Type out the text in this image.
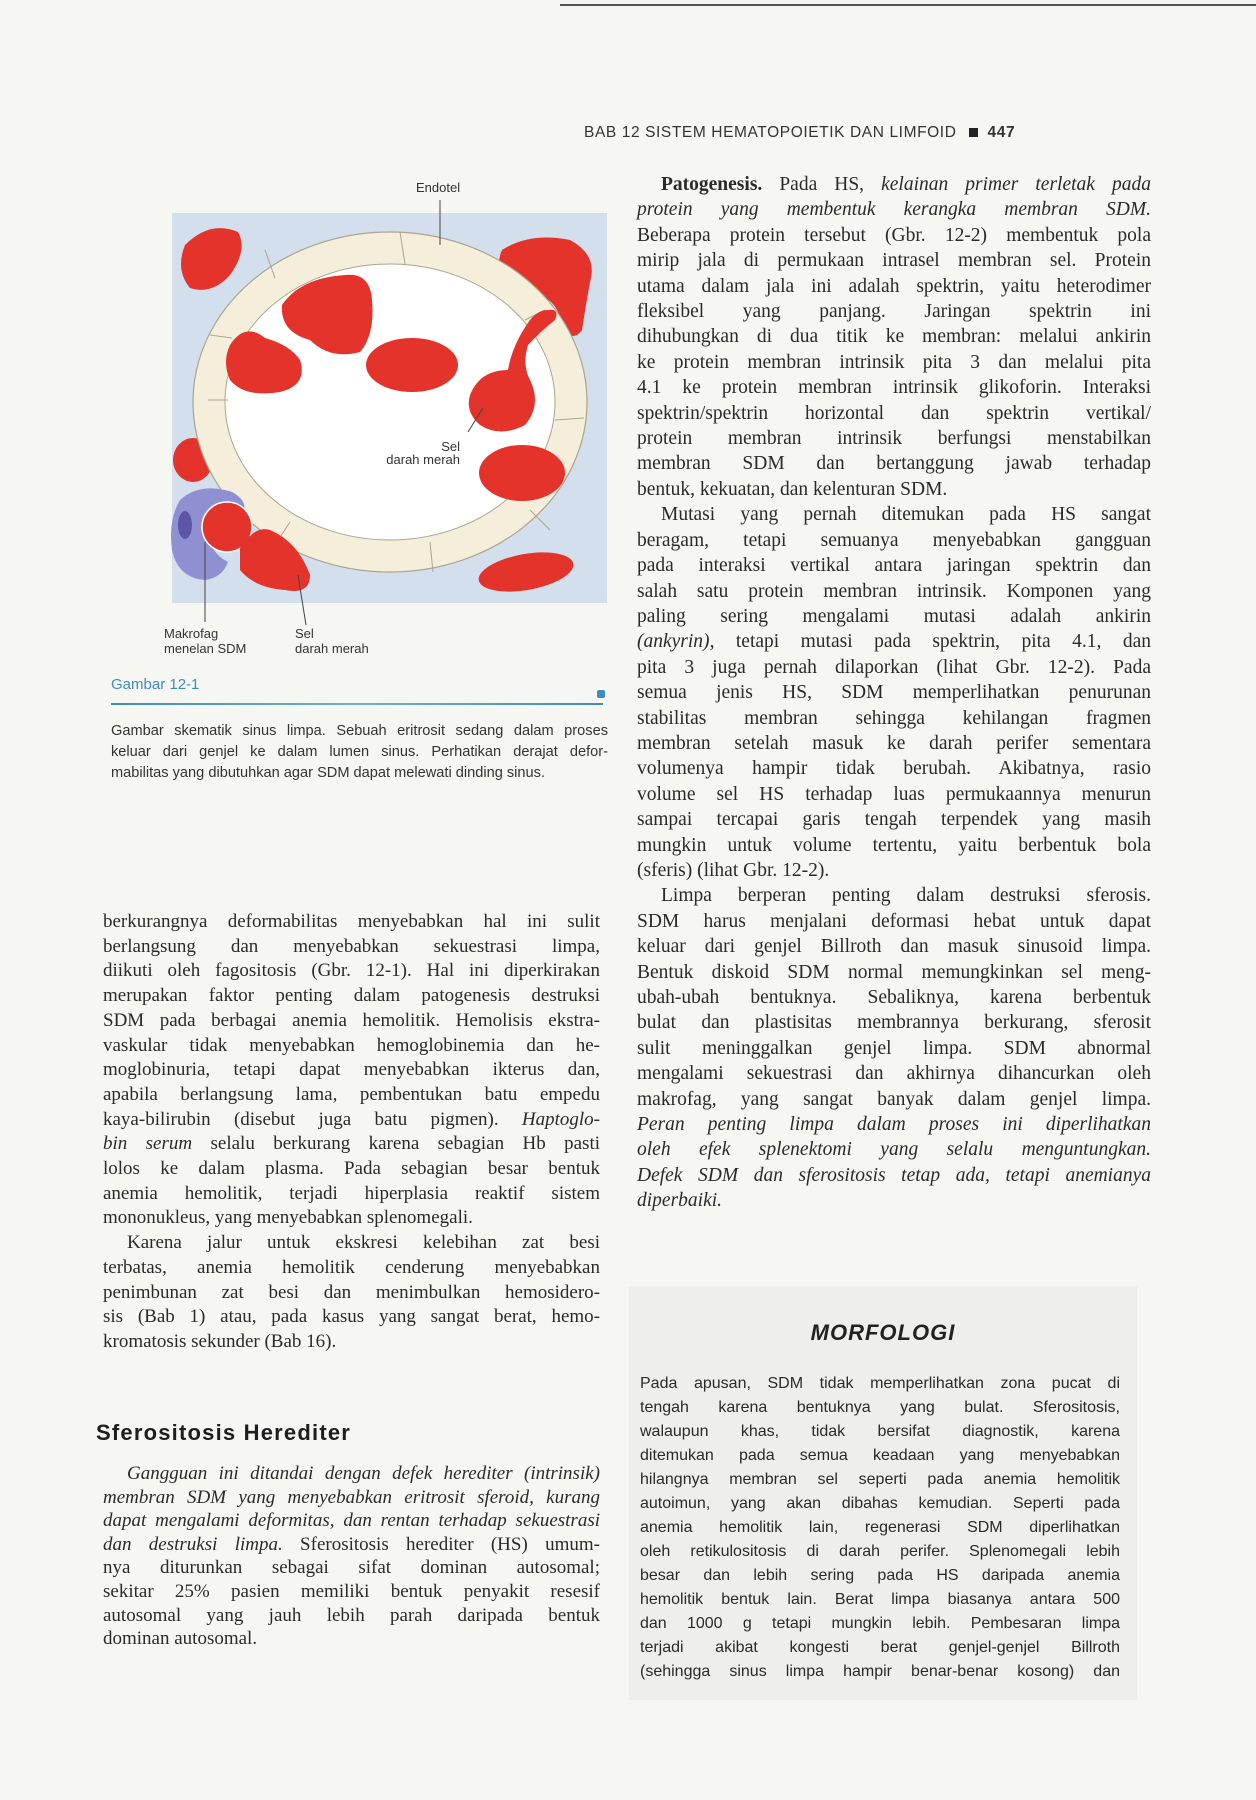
BAB 12 SISTEM HEMATOPOIETIK DAN LIMFOID 447
Endotel
Sel
darah merah
Makrofag
menelan SDM
Sel
darah merah
Gambar 12-1
Gambar skematik sinus limpa. Sebuah eritrosit sedang dalam proses
keluar dari genjel ke dalam lumen sinus. Perhatikan derajat defor-
mabilitas yang dibutuhkan agar SDM dapat melewati dinding sinus.
Patogenesis. Pada HS, kelainan primer terletak pada
protein yang membentuk kerangka membran SDM.
Beberapa protein tersebut (Gbr. 12-2) membentuk pola
mirip jala di permukaan intrasel membran sel. Protein
utama dalam jala ini adalah spektrin, yaitu heterodimer
fleksibel yang panjang. Jaringan spektrin ini
dihubungkan di dua titik ke membran: melalui ankirin
ke protein membran intrinsik pita 3 dan melalui pita
4.1 ke protein membran intrinsik glikoforin. Interaksi
spektrin/spektrin horizontal dan spektrin vertikal/
protein membran intrinsik berfungsi menstabilkan
membran SDM dan bertanggung jawab terhadap
bentuk, kekuatan, dan kelenturan SDM.
Mutasi yang pernah ditemukan pada HS sangat
beragam, tetapi semuanya menyebabkan gangguan
pada interaksi vertikal antara jaringan spektrin dan
salah satu protein membran intrinsik. Komponen yang
paling sering mengalami mutasi adalah ankirin
(ankyrin), tetapi mutasi pada spektrin, pita 4.1, dan
pita 3 juga pernah dilaporkan (lihat Gbr. 12-2). Pada
semua jenis HS, SDM memperlihatkan penurunan
stabilitas membran sehingga kehilangan fragmen
membran setelah masuk ke darah perifer sementara
volumenya hampir tidak berubah. Akibatnya, rasio
volume sel HS terhadap luas permukaannya menurun
sampai tercapai garis tengah terpendek yang masih
mungkin untuk volume tertentu, yaitu berbentuk bola
(sferis) (lihat Gbr. 12-2).
Limpa berperan penting dalam destruksi sferosis.
SDM harus menjalani deformasi hebat untuk dapat
keluar dari genjel Billroth dan masuk sinusoid limpa.
Bentuk diskoid SDM normal memungkinkan sel meng-
ubah-ubah bentuknya. Sebaliknya, karena berbentuk
bulat dan plastisitas membrannya berkurang, sferosit
sulit meninggalkan genjel limpa. SDM abnormal
mengalami sekuestrasi dan akhirnya dihancurkan oleh
makrofag, yang sangat banyak dalam genjel limpa.
Peran penting limpa dalam proses ini diperlihatkan
oleh efek splenektomi yang selalu menguntungkan.
Defek SDM dan sferositosis tetap ada, tetapi anemianya
diperbaiki.
berkurangnya deformabilitas menyebabkan hal ini sulit
berlangsung dan menyebabkan sekuestrasi limpa,
diikuti oleh fagositosis (Gbr. 12-1). Hal ini diperkirakan
merupakan faktor penting dalam patogenesis destruksi
SDM pada berbagai anemia hemolitik. Hemolisis ekstra-
vaskular tidak menyebabkan hemoglobinemia dan he-
moglobinuria, tetapi dapat menyebabkan ikterus dan,
apabila berlangsung lama, pembentukan batu empedu
kaya-bilirubin (disebut juga batu pigmen). Haptoglo-
bin serum selalu berkurang karena sebagian Hb pasti
lolos ke dalam plasma. Pada sebagian besar bentuk
anemia hemolitik, terjadi hiperplasia reaktif sistem
mononukleus, yang menyebabkan splenomegali.
Karena jalur untuk ekskresi kelebihan zat besi
terbatas, anemia hemolitik cenderung menyebabkan
penimbunan zat besi dan menimbulkan hemosidero-
sis (Bab 1) atau, pada kasus yang sangat berat, hemo-
kromatosis sekunder (Bab 16).
Sferositosis Herediter
Gangguan ini ditandai dengan defek herediter (intrinsik)
membran SDM yang menyebabkan eritrosit sferoid, kurang
dapat mengalami deformitas, dan rentan terhadap sekuestrasi
dan destruksi limpa. Sferositosis herediter (HS) umum-
nya diturunkan sebagai sifat dominan autosomal;
sekitar 25% pasien memiliki bentuk penyakit resesif
autosomal yang jauh lebih parah daripada bentuk
dominan autosomal.
MORFOLOGI
Pada apusan, SDM tidak memperlihatkan zona pucat di
tengah karena bentuknya yang bulat. Sferositosis,
walaupun khas, tidak bersifat diagnostik, karena
ditemukan pada semua keadaan yang menyebabkan
hilangnya membran sel seperti pada anemia hemolitik
autoimun, yang akan dibahas kemudian. Seperti pada
anemia hemolitik lain, regenerasi SDM diperlihatkan
oleh retikulositosis di darah perifer. Splenomegali lebih
besar dan lebih sering pada HS daripada anemia
hemolitik bentuk lain. Berat limpa biasanya antara 500
dan 1000 g tetapi mungkin lebih. Pembesaran limpa
terjadi akibat kongesti berat genjel-genjel Billroth
(sehingga sinus limpa hampir benar-benar kosong) dan
